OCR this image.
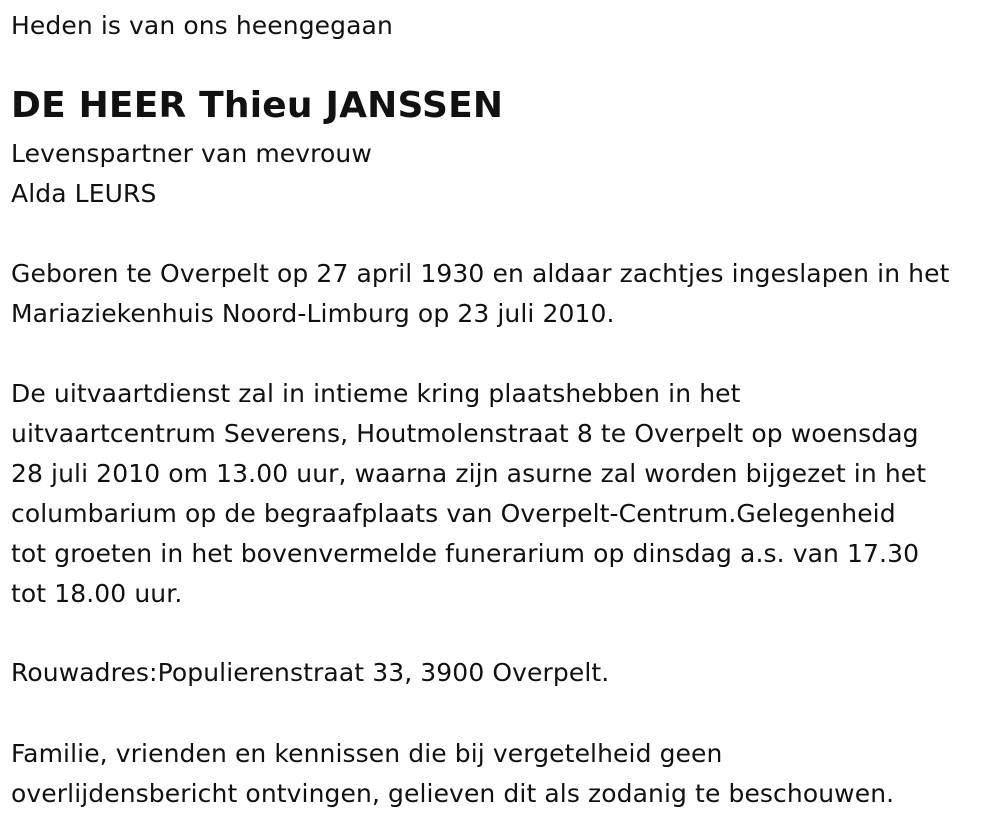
Heden is van ons heengegaan

DE HEER Thieu JANSSEN

Levenspartner van mevrouw

Alda LEURS

Geboren te Overpelt op 27 april 1930 en aldaar zachtjes ingeslapen in het

Mariaziekenhuis Noord-Limburg op 23 juli 2010.

De uitvaartdienst zal in intieme kring plaatshebben in het

uitvaartcentrum Severens, Houtmolenstraat 8 te Overpelt op woensdag

28 juli 2010 om 13.00 uur, waarna zijn asurne zal worden bijgezet in het

columbarium op de begraafplaats van Overpelt-Centrum.Gelegenheid

tot groeten in het bovenvermelde funerarium op dinsdag a.s. van 17.30

tot 18.00 uur.

Rouwadres:Populierenstraat 33, 3900 Overpelt.

Familie, vrienden en kennissen die bij vergetelheid geen

overlijdensbericht ontvingen, gelieven dit als zodanig te beschouwen.
